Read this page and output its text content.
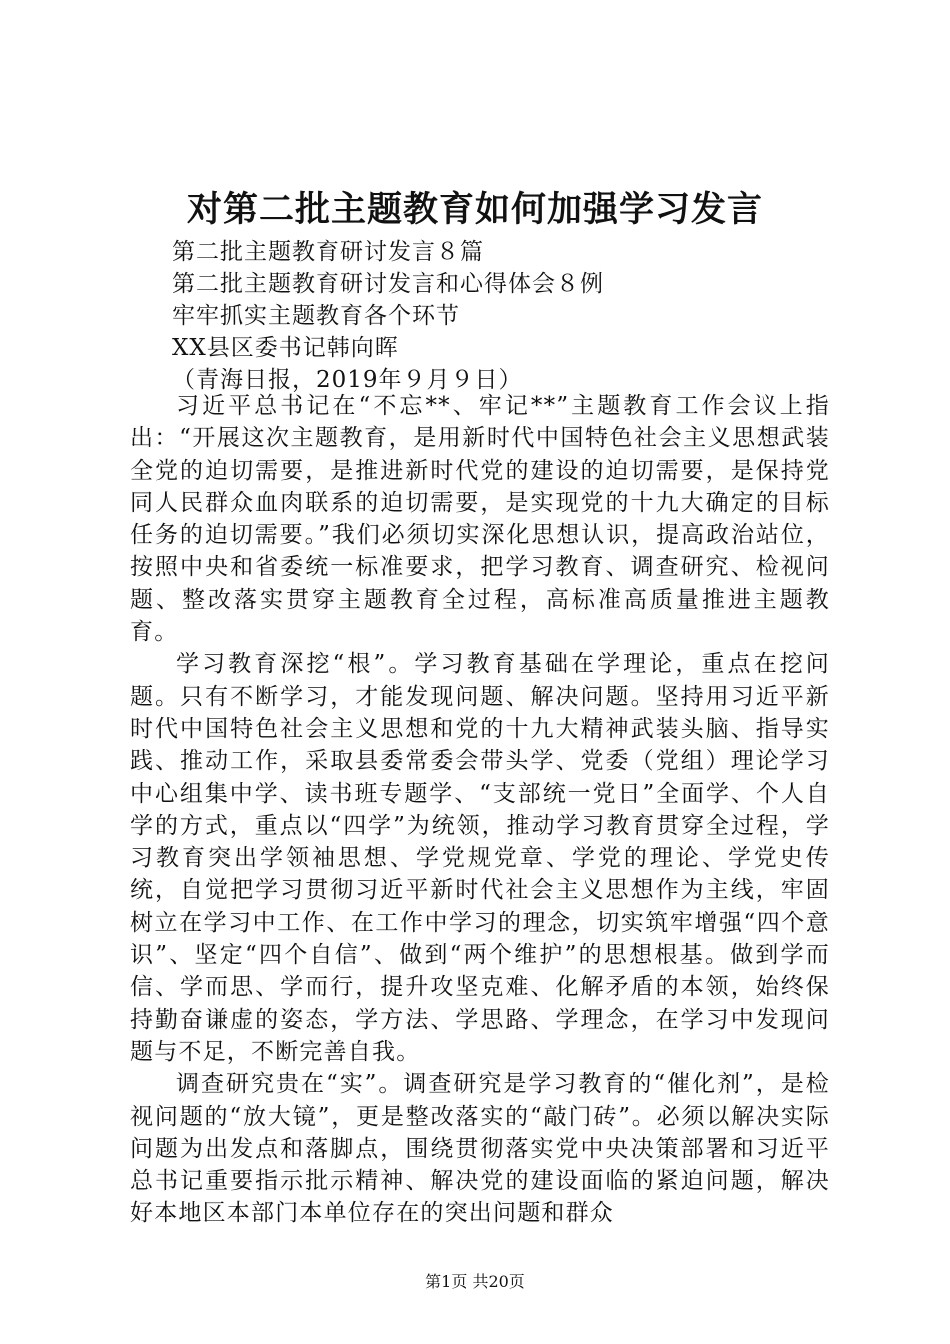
对第二批主题教育如何加强学习发言
第二批主题教育研讨发言８篇
第二批主题教育研讨发言和心得体会８例
牢牢抓实主题教育各个环节
XX县区委书记韩向晖
（青海日报，2019年９月９日）

习近平总书记在“不忘**、牢记**”主题教育工作会议上指出：“开展这次主题教育，是用新时代中国特色社会主义思想武装全党的迫切需要，是推进新时代党的建设的迫切需要，是保持党同人民群众血肉联系的迫切需要，是实现党的十九大确定的目标任务的迫切需要。”我们必须切实深化思想认识，提高政治站位，按照中央和省委统一标准要求，把学习教育、调查研究、检视问题、整改落实贯穿主题教育全过程，高标准高质量推进主题教育。

学习教育深挖“根”。学习教育基础在学理论，重点在挖问题。只有不断学习，才能发现问题、解决问题。坚持用习近平新时代中国特色社会主义思想和党的十九大精神武装头脑、指导实践、推动工作，采取县委常委会带头学、党委（党组）理论学习中心组集中学、读书班专题学、“支部统一党日”全面学、个人自学的方式，重点以“四学”为统领，推动学习教育贯穿全过程，学习教育突出学领袖思想、学党规党章、学党的理论、学党史传统，自觉把学习贯彻习近平新时代社会主义思想作为主线，牢固树立在学习中工作、在工作中学习的理念，切实筑牢增强“四个意识”、坚定“四个自信”、做到“两个维护”的思想根基。做到学而信、学而思、学而行，提升攻坚克难、化解矛盾的本领，始终保持勤奋谦虚的姿态，学方法、学思路、学理念，在学习中发现问题与不足，不断完善自我。

调查研究贵在“实”。调查研究是学习教育的“催化剂”，是检视问题的“放大镜”，更是整改落实的“敲门砖”。必须以解决实际问题为出发点和落脚点，围绕贯彻落实党中央决策部署和习近平总书记重要指示批示精神、解决党的建设面临的紧迫问题，解决好本地区本部门本单位存在的突出问题和群众

第1页 共20页
